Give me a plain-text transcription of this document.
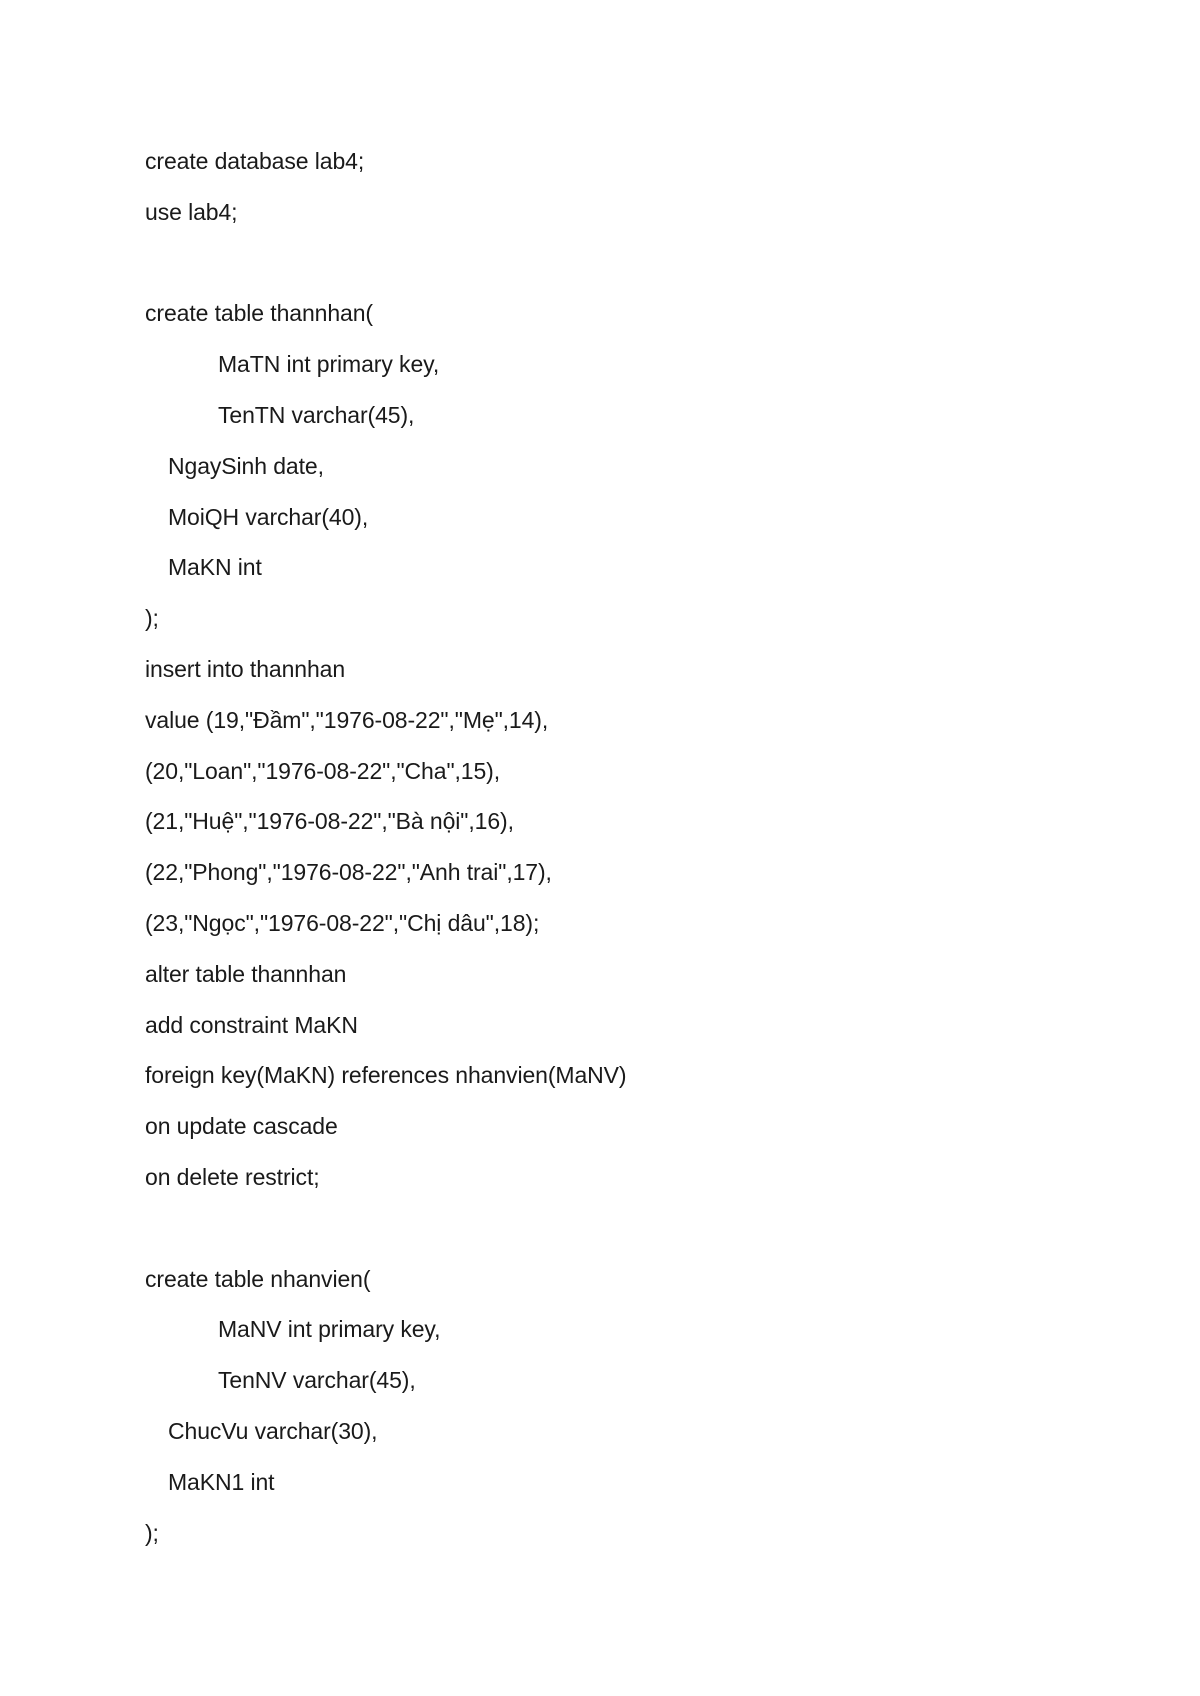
create database lab4;
use lab4;
create table thannhan(
MaTN int primary key,
TenTN varchar(45),
NgaySinh date,
MoiQH varchar(40),
MaKN int
);
insert into thannhan
value (19,"Đầm","1976-08-22","Mẹ",14),
(20,"Loan","1976-08-22","Cha",15),
(21,"Huệ","1976-08-22","Bà nội",16),
(22,"Phong","1976-08-22","Anh trai",17),
(23,"Ngọc","1976-08-22","Chị dâu",18);
alter table thannhan
add constraint MaKN
foreign key(MaKN) references nhanvien(MaNV)
on update cascade
on delete restrict;
create table nhanvien(
MaNV int primary key,
TenNV varchar(45),
ChucVu varchar(30),
MaKN1 int
);
